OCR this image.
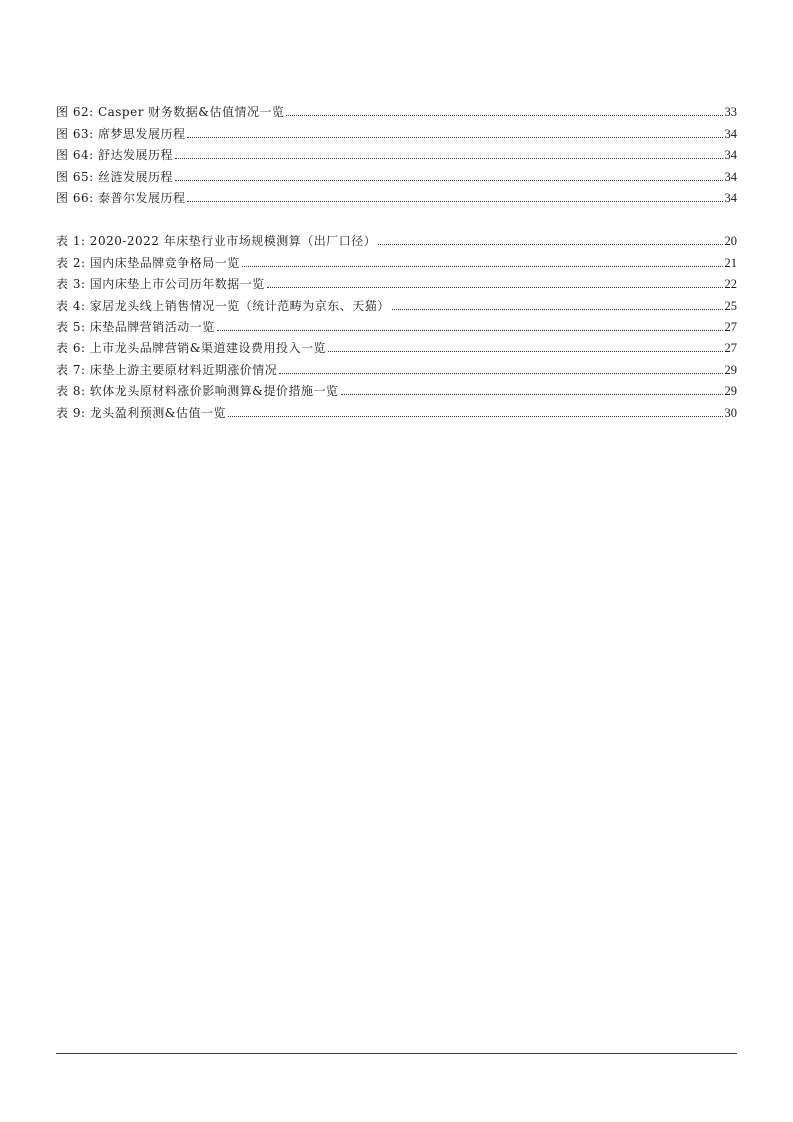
图 62: Casper 财务数据&估值情况一览	33
图 63: 席梦思发展历程	34
图 64: 舒达发展历程	34
图 65: 丝涟发展历程	34
图 66: 泰普尔发展历程	34
表 1: 2020-2022 年床垫行业市场规模测算（出厂口径）	20
表 2: 国内床垫品牌竞争格局一览	21
表 3: 国内床垫上市公司历年数据一览	22
表 4: 家居龙头线上销售情况一览（统计范畴为京东、天猫）	25
表 5: 床垫品牌营销活动一览	27
表 6: 上市龙头品牌营销&渠道建设费用投入一览	27
表 7: 床垫上游主要原材料近期涨价情况	29
表 8: 软体龙头原材料涨价影响测算&提价措施一览	29
表 9: 龙头盈利预测&估值一览	30
